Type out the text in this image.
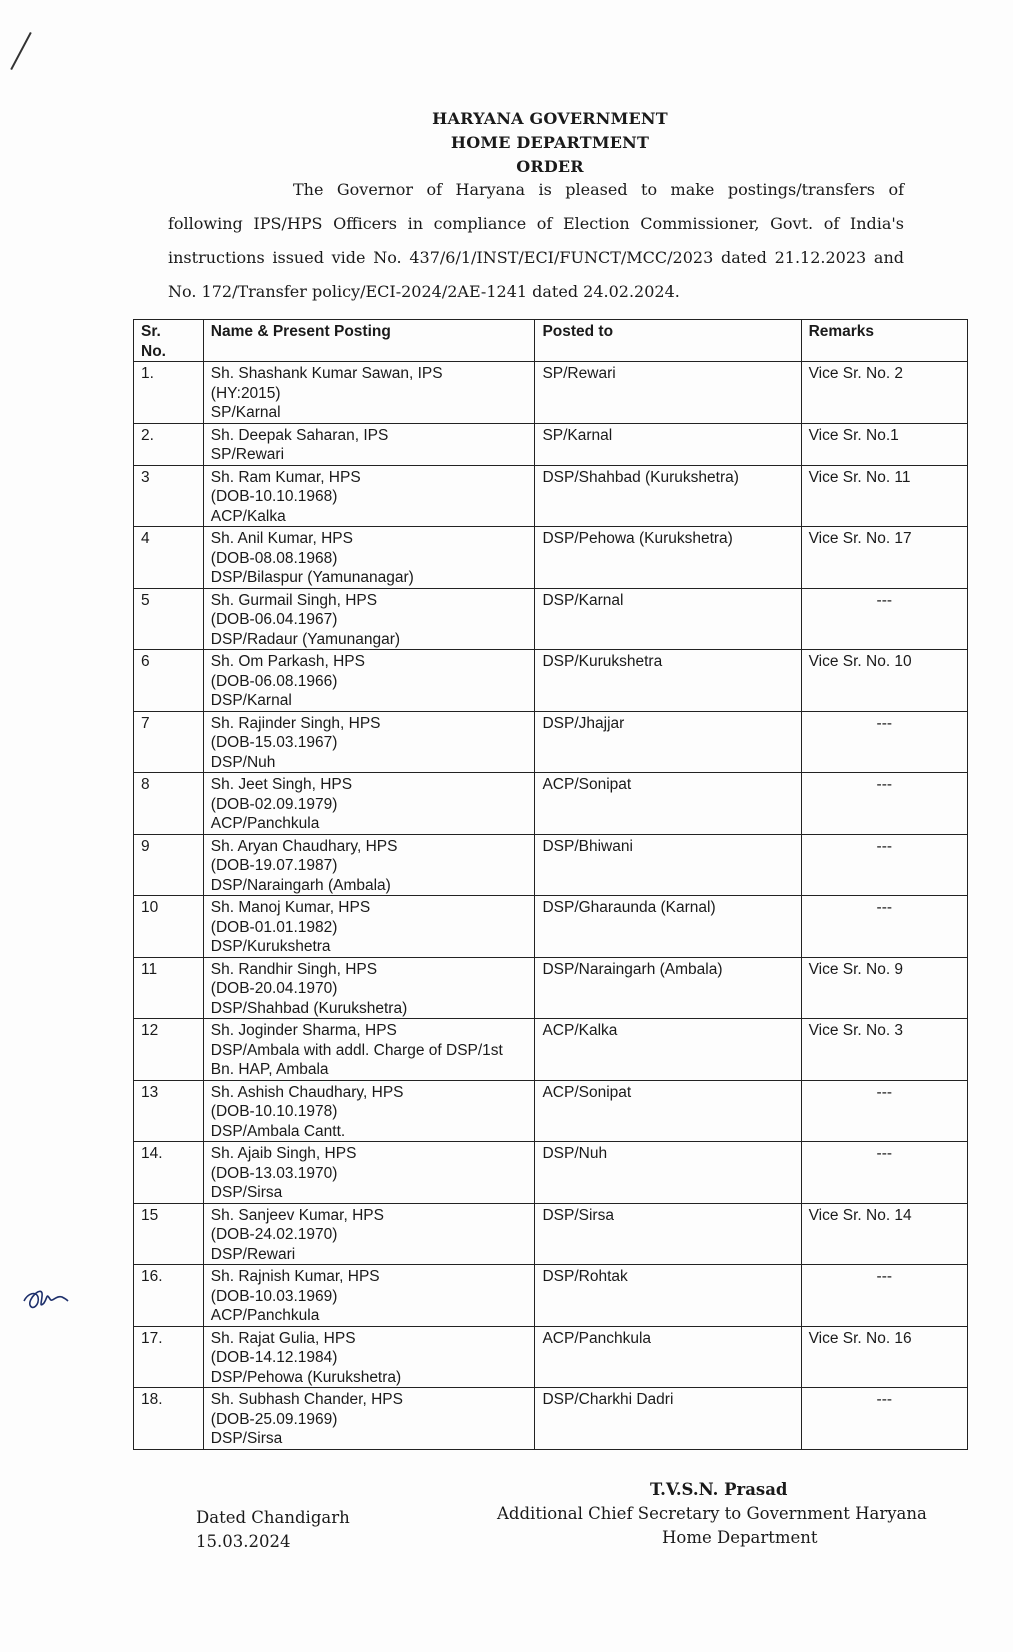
HARYANA GOVERNMENT
HOME DEPARTMENT
ORDER

The Governor of Haryana is pleased to make postings/transfers of following IPS/HPS Officers in compliance of Election Commissioner, Govt. of India's instructions issued vide No. 437/6/1/INST/ECI/FUNCT/MCC/2023 dated 21.12.2023 and No. 172/Transfer policy/ECI-2024/2AE-1241 dated 24.02.2024.

Sr.
No.	Name & Present Posting	Posted to	Remarks
1.	Sh. Shashank Kumar Sawan, IPS
(HY:2015)
SP/Karnal	SP/Rewari	Vice Sr. No. 2
2.	Sh. Deepak Saharan, IPS
SP/Rewari	SP/Karnal	Vice Sr. No.1
3	Sh. Ram Kumar, HPS
(DOB-10.10.1968)
ACP/Kalka	DSP/Shahbad (Kurukshetra)	Vice Sr. No. 11
4	Sh. Anil Kumar, HPS
(DOB-08.08.1968)
DSP/Bilaspur (Yamunanagar)	DSP/Pehowa (Kurukshetra)	Vice Sr. No. 17
5	Sh. Gurmail Singh, HPS
(DOB-06.04.1967)
DSP/Radaur (Yamunangar)	DSP/Karnal	---
6	Sh. Om Parkash, HPS
(DOB-06.08.1966)
DSP/Karnal	DSP/Kurukshetra	Vice Sr. No. 10
7	Sh. Rajinder Singh, HPS
(DOB-15.03.1967)
DSP/Nuh	DSP/Jhajjar	---
8	Sh. Jeet Singh, HPS
(DOB-02.09.1979)
ACP/Panchkula	ACP/Sonipat	---
9	Sh. Aryan Chaudhary, HPS
(DOB-19.07.1987)
DSP/Naraingarh (Ambala)	DSP/Bhiwani	---
10	Sh. Manoj Kumar, HPS
(DOB-01.01.1982)
DSP/Kurukshetra	DSP/Gharaunda (Karnal)	---
11	Sh. Randhir Singh, HPS
(DOB-20.04.1970)
DSP/Shahbad (Kurukshetra)	DSP/Naraingarh (Ambala)	Vice Sr. No. 9
12	Sh. Joginder Sharma, HPS
DSP/Ambala with addl. Charge of DSP/1st
Bn. HAP, Ambala	ACP/Kalka	Vice Sr. No. 3
13	Sh. Ashish Chaudhary, HPS
(DOB-10.10.1978)
DSP/Ambala Cantt.	ACP/Sonipat	---
14.	Sh. Ajaib Singh, HPS
(DOB-13.03.1970)
DSP/Sirsa	DSP/Nuh	---
15	Sh. Sanjeev Kumar, HPS
(DOB-24.02.1970)
DSP/Rewari	DSP/Sirsa	Vice Sr. No. 14
16.	Sh. Rajnish Kumar, HPS
(DOB-10.03.1969)
ACP/Panchkula	DSP/Rohtak	---
17.	Sh. Rajat Gulia, HPS
(DOB-14.12.1984)
DSP/Pehowa (Kurukshetra)	ACP/Panchkula	Vice Sr. No. 16
18.	Sh. Subhash Chander, HPS
(DOB-25.09.1969)
DSP/Sirsa	DSP/Charkhi Dadri	---
T.V.S.N. Prasad
Additional Chief Secretary to Government Haryana
Home Department
Dated Chandigarh
15.03.2024
